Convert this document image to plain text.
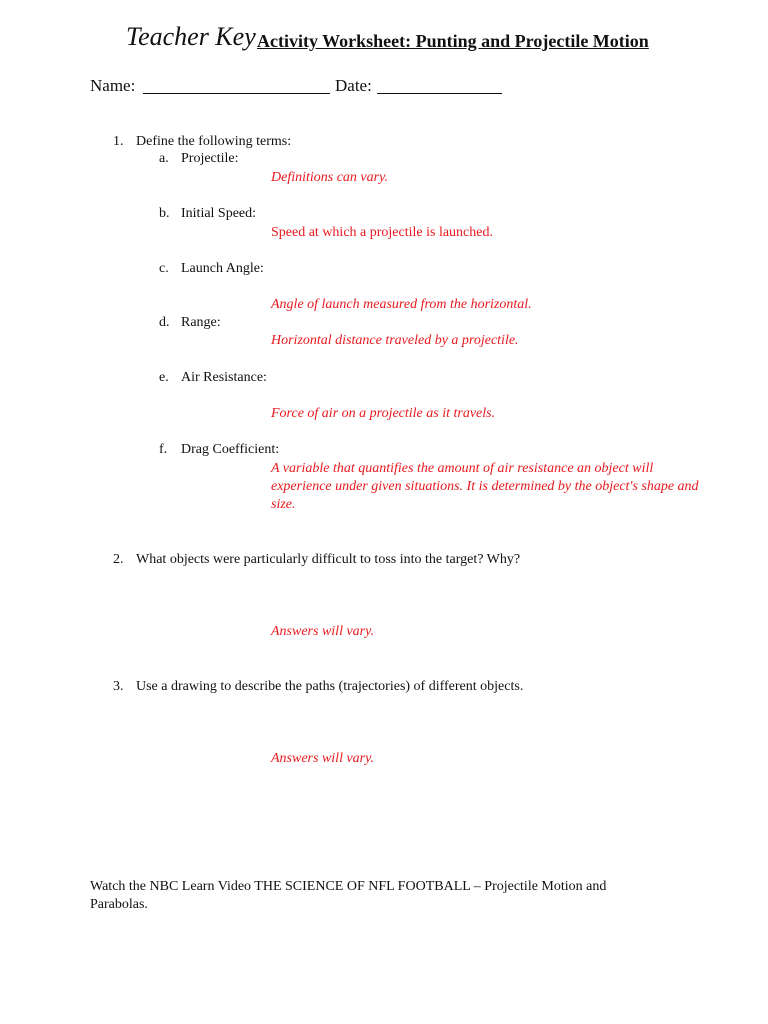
Teacher Key Activity Worksheet: Punting and Projectile Motion
Name:	Date:
1. Define the following terms:
a. Projectile:
Definitions can vary.
b. Initial Speed:
Speed at which a projectile is launched.
c. Launch Angle:
Angle of launch measured from the horizontal.
d. Range:
Horizontal distance traveled by a projectile.
e. Air Resistance:
Force of air on a projectile as it travels.
f. Drag Coefficient:
A variable that quantifies the amount of air resistance an object will experience under given situations. It is determined by the object's shape and size.
2. What objects were particularly difficult to toss into the target? Why?
Answers will vary.
3. Use a drawing to describe the paths (trajectories) of different objects.
Answers will vary.
Watch the NBC Learn Video THE SCIENCE OF NFL FOOTBALL – Projectile Motion and Parabolas.
